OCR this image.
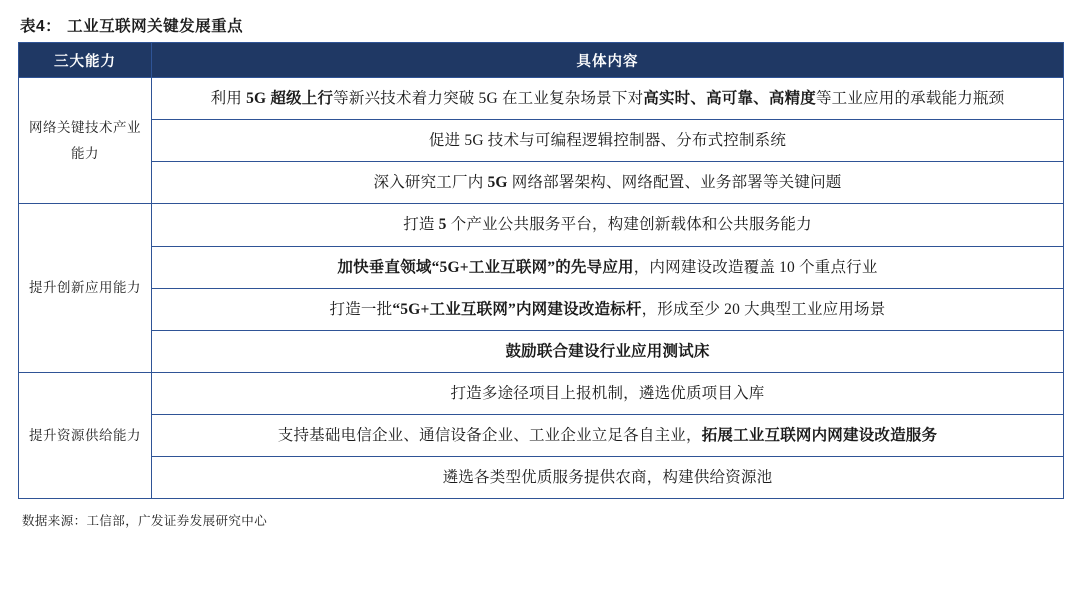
表4： 工业互联网关键发展重点
三大能力	具体内容
网络关键技术产业能力	利用 5G 超级上行等新兴技术着力突破 5G 在工业复杂场景下对高实时、高可靠、高精度等工业应用的承载能力瓶颈
	促进 5G 技术与可编程逻辑控制器、分布式控制系统
	深入研究工厂内 5G 网络部署架构、网络配置、业务部署等关键问题
提升创新应用能力	打造 5 个产业公共服务平台，构建创新载体和公共服务能力
	加快垂直领域“5G+工业互联网”的先导应用，内网建设改造覆盖 10 个重点行业
	打造一批“5G+工业互联网”内网建设改造标杆，形成至少 20 大典型工业应用场景
	鼓励联合建设行业应用测试床
提升资源供给能力	打造多途径项目上报机制，遴选优质项目入库
	支持基础电信企业、通信设备企业、工业企业立足各自主业，拓展工业互联网内网建设改造服务
	遴选各类型优质服务提供农商，构建供给资源池
数据来源：工信部，广发证券发展研究中心
